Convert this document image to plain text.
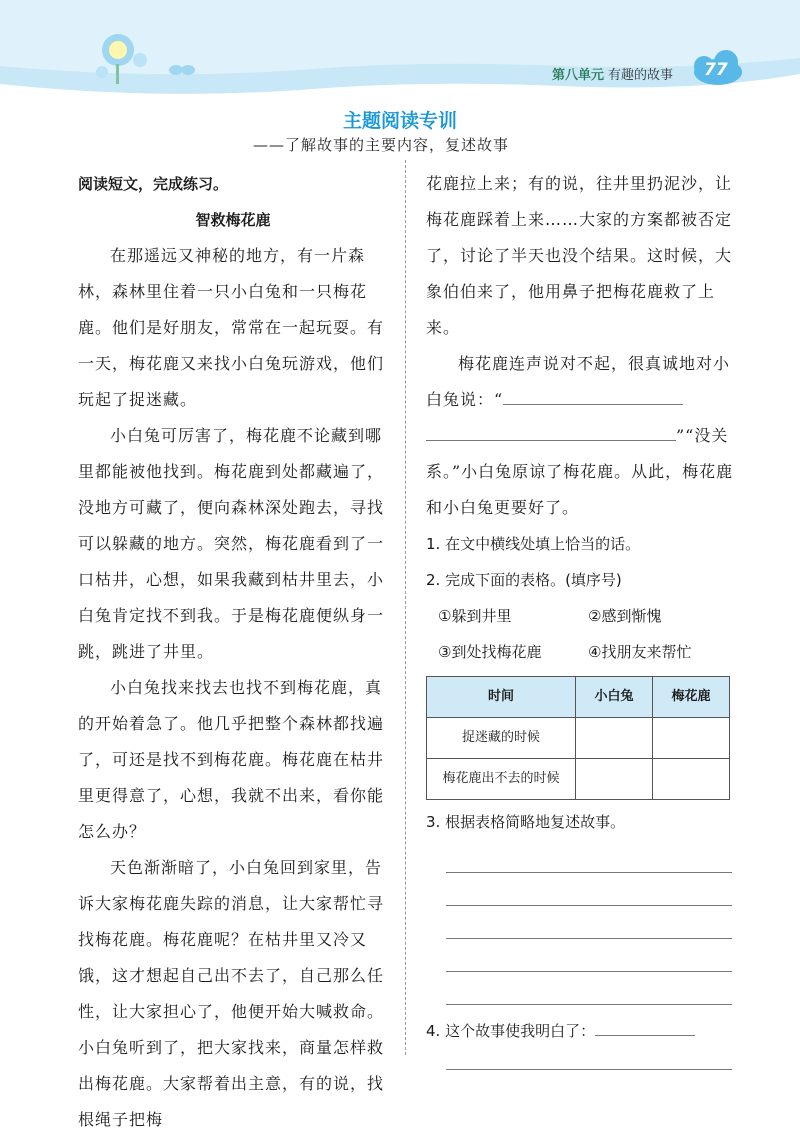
第八单元 有趣的故事 77
主题阅读专训
——了解故事的主要内容，复述故事

阅读短文，完成练习。

智救梅花鹿

在那遥远又神秘的地方，有一片森林，森林里住着一只小白兔和一只梅花鹿。他们是好朋友，常常在一起玩耍。有一天，梅花鹿又来找小白兔玩游戏，他们玩起了捉迷藏。

小白兔可厉害了，梅花鹿不论藏到哪里都能被他找到。梅花鹿到处都藏遍了，没地方可藏了，便向森林深处跑去，寻找可以躲藏的地方。突然，梅花鹿看到了一口枯井，心想，如果我藏到枯井里去，小白兔肯定找不到我。于是梅花鹿便纵身一跳，跳进了井里。

小白兔找来找去也找不到梅花鹿，真的开始着急了。他几乎把整个森林都找遍了，可还是找不到梅花鹿。梅花鹿在枯井里更得意了，心想，我就不出来，看你能怎么办？

天色渐渐暗了，小白兔回到家里，告诉大家梅花鹿失踪的消息，让大家帮忙寻找梅花鹿。梅花鹿呢？在枯井里又冷又饿，这才想起自己出不去了，自己那么任性，让大家担心了，他便开始大喊救命。小白兔听到了，把大家找来，商量怎样救出梅花鹿。大家帮着出主意，有的说，找根绳子把梅

花鹿拉上来；有的说，往井里扔泥沙，让梅花鹿踩着上来……大家的方案都被否定了，讨论了半天也没个结果。这时候，大象伯伯来了，他用鼻子把梅花鹿救了上来。

梅花鹿连声说对不起，很真诚地对小白兔说：“”“没关系。”小白兔原谅了梅花鹿。从此，梅花鹿和小白兔更要好了。

1. 在文中横线处填上恰当的话。

2. 完成下面的表格。(填序号)

①躲到井里	②感到惭愧

③到处找梅花鹿	④找朋友来帮忙

时间	小白兔	梅花鹿
捉迷藏的时候		
梅花鹿出不去的时候		

3. 根据表格简略地复述故事。

4. 这个故事使我明白了：
